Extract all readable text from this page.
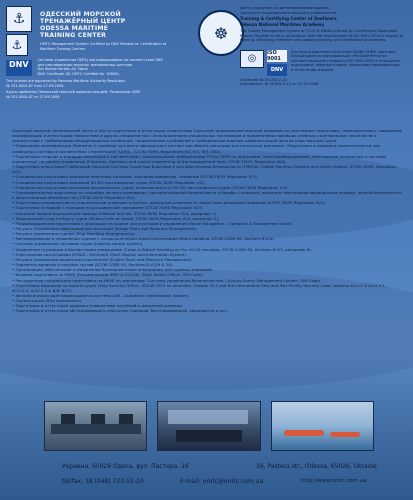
⚓
⚓
ОДЕССКИЙ МОРСКОЙ
ТРЕНАЖЁРНЫЙ ЦЕНТР
ODESSA MARITIME
TRAINING CENTER
ОМТС Management System Certified by DNV Related to: Certification of Maritime Training Centres
DNV	Система управления ОМТЦ сертифицирована на соответствие DNV для сертификации морских тренажёрных центров
Det Norske Veritas AS. Høvik
DNV Certificate (ID ОМТС Certified No. 90808)
The courses are approved by Panama Maritime Authority Resolution
№ 331-0004-AT from 27.09.2006
Курсы одобрены Панамской морской администрацией. Резолюция: ADM
№ 331-0004-AT от 27.09.2006
☸
Центр подготовки и дипломирования моряков
Одесского национального морского университета
Training & Certifying Center of Seafarers
Odessa National Maritime Academy
The Quality Management System of TCCS of ONMA is found by Certification Association Russian Register to be in accordance with the requirements of ISO 9001:2000 in respect of training, retraining, refresher and updating training and certification of seafarers.
◎
ISO 9001
DNV
Система управления качеством ЦПДМ ОНМА признана Ассоциацией по сертификации «Русский Регистр» соответствующей стандарту ISO 9001:2000 в отношении подготовки, переподготовки, повышения квалификации и аттестации моряков
Certificate № 05.002.0-10
Сертификат № 05.002.0-10 от 27.05.2006

Одесский морской тренажерный центр и Центр подготовки и аттестации плавсостава Одесской национальной морской академии осуществляют подготовку, переподготовку, повышение квалификации и аттестацию плавсостава и других специалистов с использованием специальных тренажеров и применением новейших учебных и контрольных технологий в соответствии с требованиями международных конвенций, национальных требований и требованиями морских администраций флагов ряда морских судов.

• Повышение квалификации (Refresher & updating) для всего офицерского состава при обмене дипломов или получении дипломов. (Подготовка и проверка компетентности лиц командного состава в соответствии с Конвенцией ПДНВ). (STCW-78/95, Regulations II/1, II/2, III/1, III/2).

• Подготовка старших и младших механиков в соответствии с минимальными требованиями STCW-78/95 по программе "Электрооборудование, электронная аппаратура и системы управления" на уровне управления (Electrical, electronic and control engineering at the management level, STCW-78/95, Regulation III/2).

• Подготовка операторов Глобальной Морской Системы Связи при Бедствии и для обеспечения Безопасности (ГМССБ) (Global Maritime Distress and Safety System, STCW-78/95, Regulation IV/2).

• Специальная подготовка экипажей нефтяных танкеров, танкеров-химовозов, газовозов (STCW-78/95 Regulation V/1).

• Специальная подготовка экипажей RO-RO пассажирских судов (STCW-78/95 Regulation V/2).

• Специальная подготовка экипажей пассажирских судов, отличающихся от RO-RO пассажирских судов (STCW-78/95 Regulation V/3).

• Ознакомительная подготовка по способам личного выживания, противопожарной безопасности и борьбы с пожаром, оказанию неотложной медицинской помощи, личной безопасности и общественным обязанностям (STCW-78/95 Regulation VI/1).

• Подготовка специалистов по спасательным шлюпкам и плотам, дежурным шлюпкам и скоростным дежурным шлюпкам (STCW-78/95 Regulation VI/2).

• Подготовка по борьбе с пожаром по расширенной программе (STCW-78/95 Regulation VI/3).

• Оказание первой медицинской помощи (Medical first aid, STCW-78/95 Regulation VI/4, paragraph 1).

• Медицинский уход на борту судна (Medical care on board, STCW-78/95 Regulation VI/4, paragraph 2).

• Радиолокационная подготовка к прокладке на уровне эксплуатации и управления (Radar Navigation – Operation & Management Level).

• Ресурсы управления навигационным мостиком (Bridge Team and Resource Management).

• Ресурсы управления судном (Ship Handling Arrangements).

• Маневрирование и управление судном с несовершенными характеристиками (Ship's handling, STCW CODE-95, Sections B-V/a).

• Система управления грузовым судна (Loading control system).

• Управление грузовыми и балластными операциями (Cargo & Ballast Handling on the LICOS simulator, STCW CODE-95, Sections B-V/1, paragraph 6).

• Электронная картография (ECDIS – Electronic Chart Display and Information System).

• Ресурсы управления машинным отделением (Engine Team and Resource Management).

• Перевозка вредных и опасных грузов (STCW CODE-95, Sections B-V/1/9 & 10).

• Организация, обеспечение и управление буксировочными операциями для судовых экипажей.

• Базовая подготовка по МКУБ (Рекомендации ИМО A.741(18), Ships Safety Officer, ISM Code).

• Расширенная специальная подготовка по МКУБ на тренажере "Система управления безопасностью" (Quality Safety Management System, ISM-Code).

• Подготовка офицеров по охране судна (Ship Security Officer, SOLAS 1974 as amended, Chapter XI-2 and the international Ship and Port Facility Security Code, sections A/12.1 & A/12.3.1, A/12.2.4, A/12.3.4 & B/8, B/13).

• Автоматическая идентификационная система (AIS – Automatic Identification System).

• Оценка риска (Risk Assessment).

• Подготовка и аттестация рядового плавсостава палубной и машинной команды.

• Подготовка и аттестация обслуживающего персонала (поваров, бортпроводников, официантов и пр.).

Украина, 65026 Одеса, вул. Пастера, 16	16, Pastera str., Odessa, 65026, Ukraine
tel/fax: 38 (048) 723-52-20	E-mail: omtc@omtc.com.ua	http://www.omtc.com.ua
